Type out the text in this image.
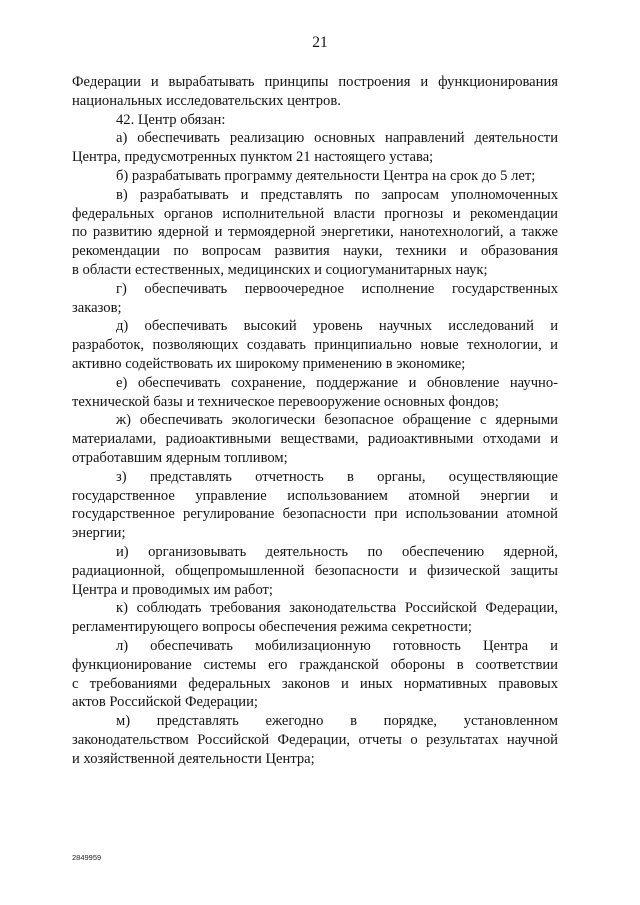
21
Федерации и вырабатывать принципы построения и функционирования
национальных исследовательских центров.
42. Центр обязан:
а) обеспечивать реализацию основных направлений деятельности
Центра, предусмотренных пунктом 21 настоящего устава;
б) разрабатывать программу деятельности Центра на срок до 5 лет;
в) разрабатывать и представлять по запросам уполномоченных
федеральных органов исполнительной власти прогнозы и рекомендации
по развитию ядерной и термоядерной энергетики, нанотехнологий, а также
рекомендации по вопросам развития науки, техники и образования
в области естественных, медицинских и социогуманитарных наук;
г) обеспечивать первоочередное исполнение государственных
заказов;
д) обеспечивать высокий уровень научных исследований и
разработок, позволяющих создавать принципиально новые технологии, и
активно содействовать их широкому применению в экономике;
е) обеспечивать сохранение, поддержание и обновление научно-
технической базы и техническое перевооружение основных фондов;
ж) обеспечивать экологически безопасное обращение с ядерными
материалами, радиоактивными веществами, радиоактивными отходами и
отработавшим ядерным топливом;
з) представлять отчетность в органы, осуществляющие
государственное управление использованием атомной энергии и
государственное регулирование безопасности при использовании атомной
энергии;
и) организовывать деятельность по обеспечению ядерной,
радиационной, общепромышленной безопасности и физической защиты
Центра и проводимых им работ;
к) соблюдать требования законодательства Российской Федерации,
регламентирующего вопросы обеспечения режима секретности;
л) обеспечивать мобилизационную готовность Центра и
функционирование системы его гражданской обороны в соответствии
с требованиями федеральных законов и иных нормативных правовых
актов Российской Федерации;
м) представлять ежегодно в порядке, установленном
законодательством Российской Федерации, отчеты о результатах научной
и хозяйственной деятельности Центра;
2849959
